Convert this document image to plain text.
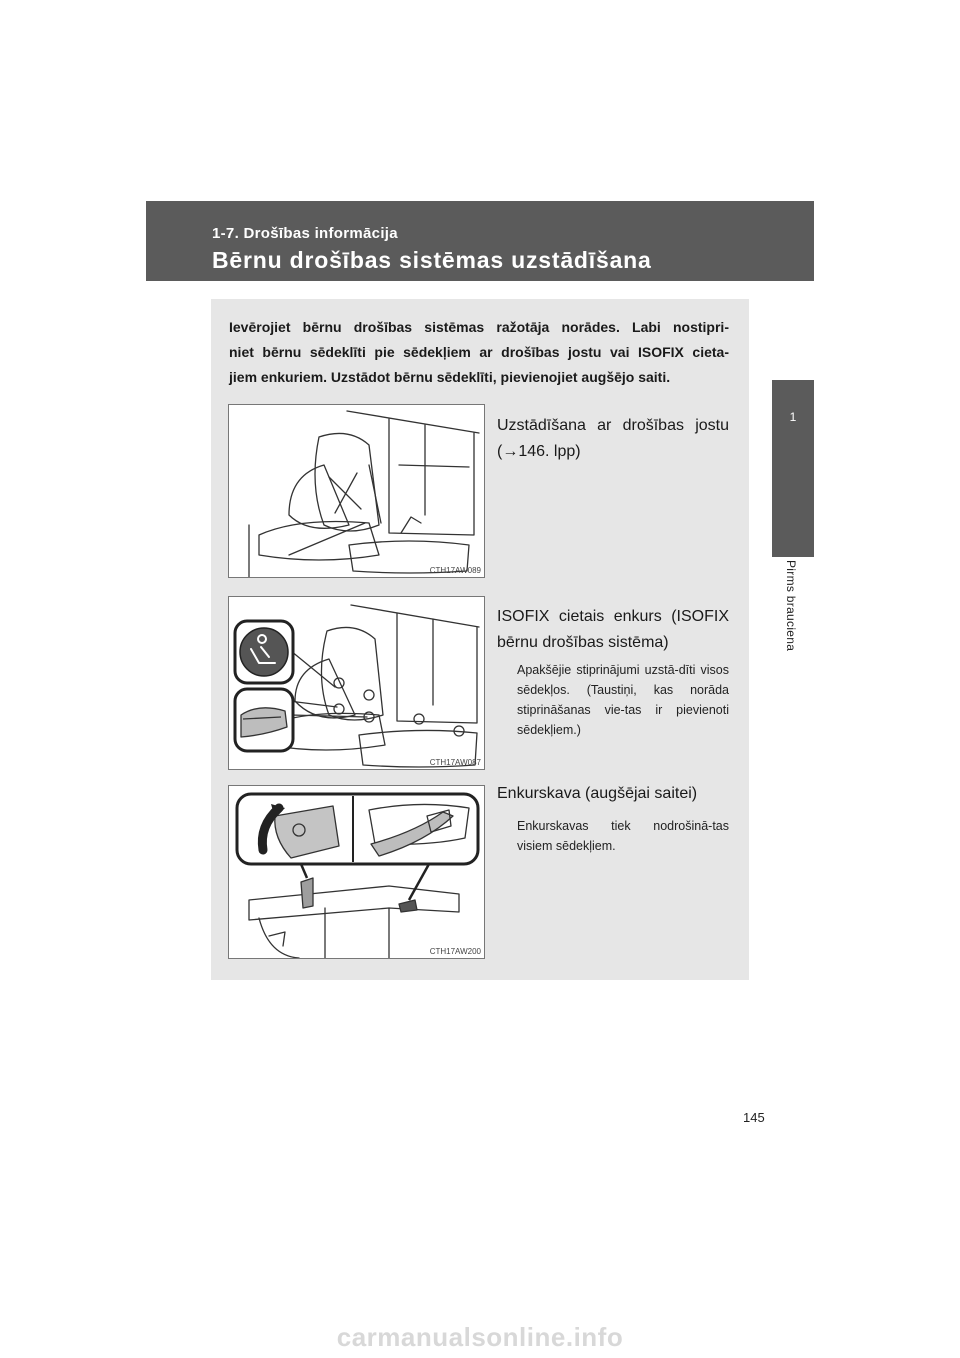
1-7. Drošības informācija
Bērnu drošības sistēmas uzstādīšana
1
Pirms brauciena
Ievērojiet bērnu drošības sistēmas ražotāja norādes. Labi nostipri-
niet bērnu sēdeklīti pie sēdekļiem ar drošības jostu vai ISOFIX cieta-
jiem enkuriem. Uzstādot bērnu sēdeklīti, pievienojiet augšējo saiti.
CTH17AW089
Uzstādīšana ar drošības jostu
(→146. lpp)
CTH17AW087
ISOFIX cietais enkurs (ISOFIX
bērnu drošības sistēma)
Apakšējie stiprinājumi uzstā-dīti visos sēdekļos. (Taustiņi, kas norāda stiprināšanas vie-tas ir pievienoti sēdekļiem.)
CTH17AW200
Enkurskava (augšējai saitei)
Enkurskavas tiek nodrošinā-tas visiem sēdekļiem.
145
carmanualsonline.info
